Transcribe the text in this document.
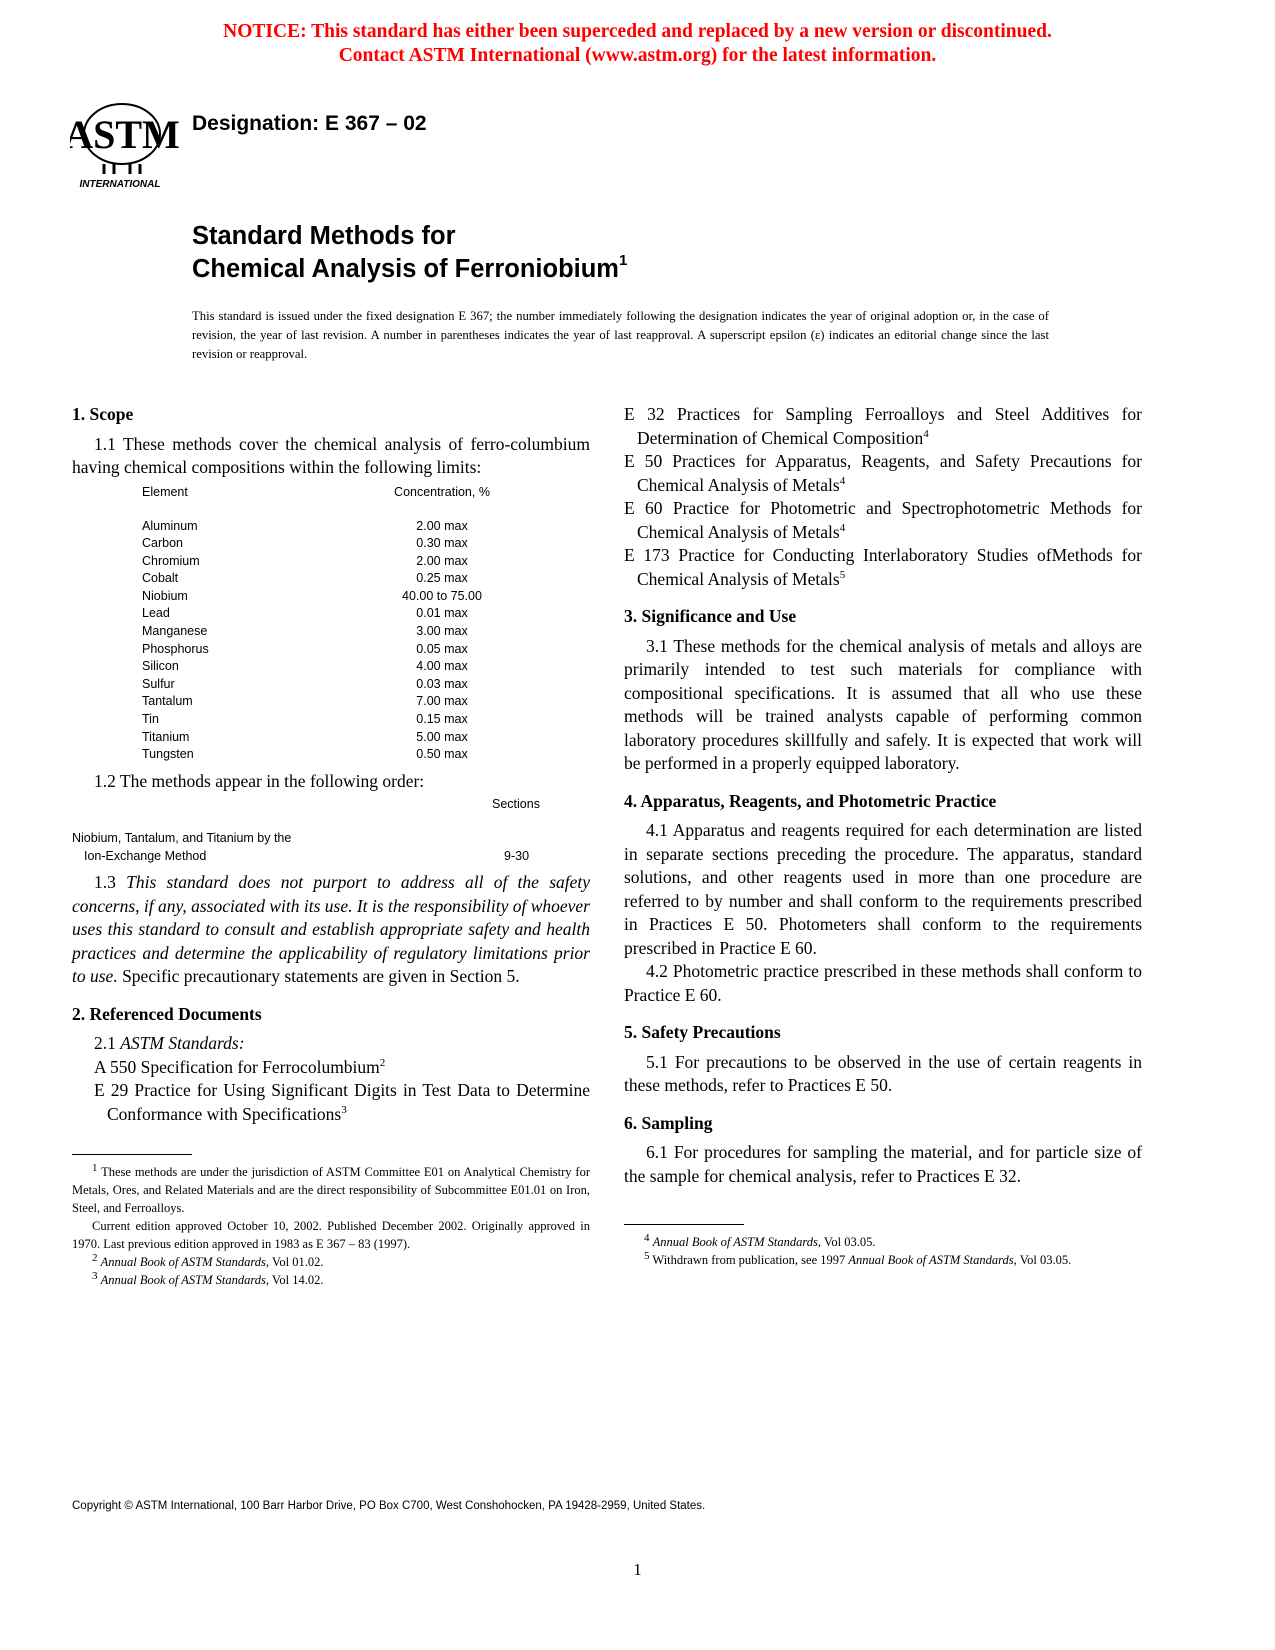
NOTICE: This standard has either been superceded and replaced by a new version or discontinued.
Contact ASTM International (www.astm.org) for the latest information.
ASTM
INTERNATIONAL
Designation: E 367 – 02
Standard Methods for
Chemical Analysis of Ferroniobium$^1$
This standard is issued under the fixed designation E 367; the number immediately following the designation indicates the year of original adoption or, in the case of revision, the year of last revision. A number in parentheses indicates the year of last reapproval. A superscript epsilon (ε) indicates an editorial change since the last revision or reapproval.

1. Scope

1.1 These methods cover the chemical analysis of ferro-columbium having chemical compositions within the following limits:

Element	Concentration, %
Aluminum	2.00 max
Carbon	0.30 max
Chromium	2.00 max
Cobalt	0.25 max
Niobium	40.00 to 75.00
Lead	0.01 max
Manganese	3.00 max
Phosphorus	0.05 max
Silicon	4.00 max
Sulfur	0.03 max
Tantalum	7.00 max
Tin	0.15 max
Titanium	5.00 max
Tungsten	0.50 max

1.2 The methods appear in the following order:

Sections
Niobium, Tantalum, and Titanium by the
Ion-Exchange Method	9-30

1.3 This standard does not purport to address all of the safety concerns, if any, associated with its use. It is the responsibility of whoever uses this standard to consult and establish appropriate safety and health practices and determine the applicability of regulatory limitations prior to use. Specific precautionary statements are given in Section 5.

2. Referenced Documents

2.1 ASTM Standards:

A 550 Specification for Ferrocolumbium$^2$

E 29 Practice for Using Significant Digits in Test Data to Determine Conformance with Specifications$^3$

$^1$ These methods are under the jurisdiction of ASTM Committee E01 on Analytical Chemistry for Metals, Ores, and Related Materials and are the direct responsibility of Subcommittee E01.01 on Iron, Steel, and Ferroalloys.

Current edition approved October 10, 2002. Published December 2002. Originally approved in 1970. Last previous edition approved in 1983 as E 367 – 83 (1997).

$^2$ Annual Book of ASTM Standards, Vol 01.02.

$^3$ Annual Book of ASTM Standards, Vol 14.02.

E 32 Practices for Sampling Ferroalloys and Steel Additives for Determination of Chemical Composition$^4$

E 50 Practices for Apparatus, Reagents, and Safety Precautions for Chemical Analysis of Metals$^4$

E 60 Practice for Photometric and Spectrophotometric Methods for Chemical Analysis of Metals$^4$

E 173 Practice for Conducting Interlaboratory Studies ofMethods for Chemical Analysis of Metals$^5$

3. Significance and Use

3.1 These methods for the chemical analysis of metals and alloys are primarily intended to test such materials for compliance with compositional specifications. It is assumed that all who use these methods will be trained analysts capable of performing common laboratory procedures skillfully and safely. It is expected that work will be performed in a properly equipped laboratory.

4. Apparatus, Reagents, and Photometric Practice

4.1 Apparatus and reagents required for each determination are listed in separate sections preceding the procedure. The apparatus, standard solutions, and other reagents used in more than one procedure are referred to by number and shall conform to the requirements prescribed in Practices E 50. Photometers shall conform to the requirements prescribed in Practice E 60.

4.2 Photometric practice prescribed in these methods shall conform to Practice E 60.

5. Safety Precautions

5.1 For precautions to be observed in the use of certain reagents in these methods, refer to Practices E 50.

6. Sampling

6.1 For procedures for sampling the material, and for particle size of the sample for chemical analysis, refer to Practices E 32.

$^4$ Annual Book of ASTM Standards, Vol 03.05.

$^5$ Withdrawn from publication, see 1997 Annual Book of ASTM Standards, Vol 03.05.

Copyright © ASTM International, 100 Barr Harbor Drive, PO Box C700, West Conshohocken, PA 19428-2959, United States.
1
